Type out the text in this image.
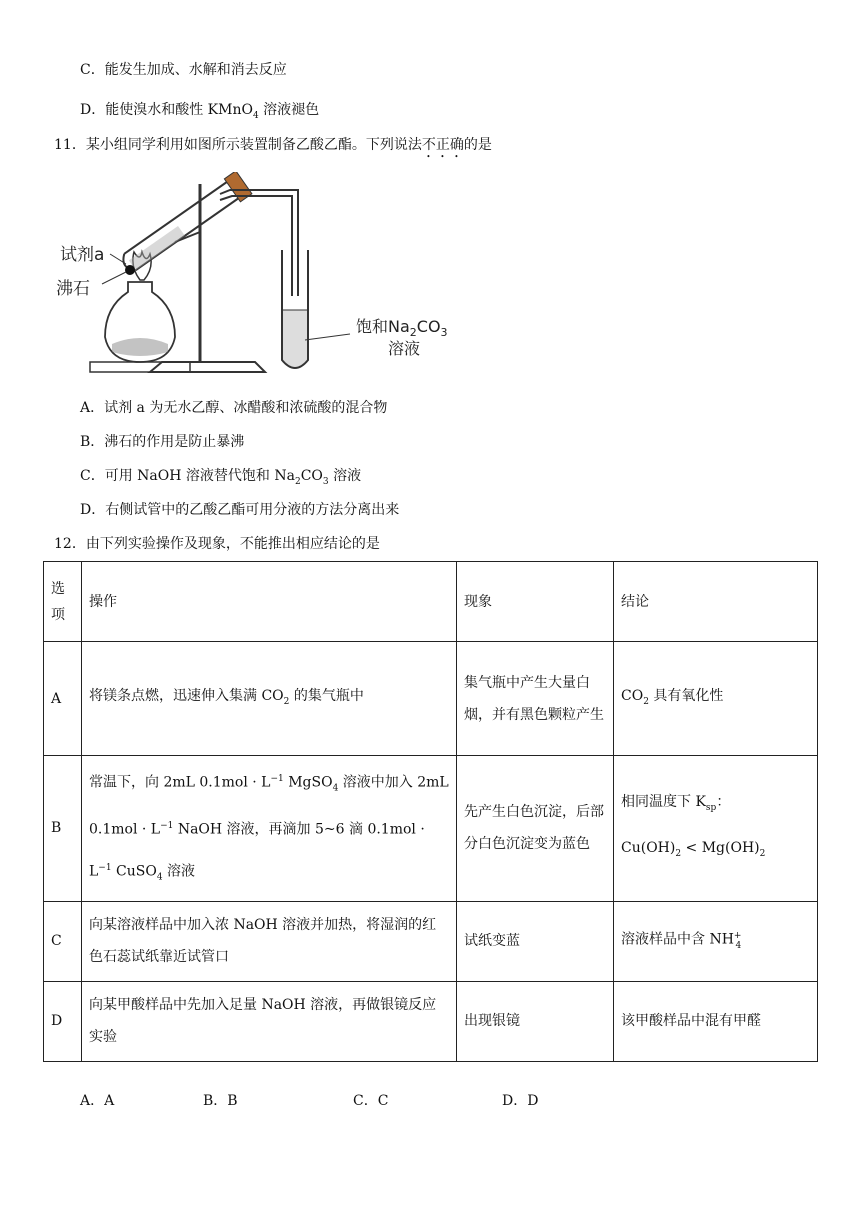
C．能发生加成、水解和消去反应
D．能使溴水和酸性 KMnO$_4$ 溶液褪色
11．某小组同学利用如图所示装置制备乙酸乙酯。下列说法不正确的是
试剂a
沸石
饱和$Na_2CO_3$
溶液
A．试剂 a 为无水乙醇、冰醋酸和浓硫酸的混合物
B．沸石的作用是防止暴沸
C．可用 NaOH 溶液替代饱和 $Na_2CO_3$ 溶液
D．右侧试管中的乙酸乙酯可用分液的方法分离出来
12．由下列实验操作及现象，不能推出相应结论的是
选项	操作	现象	结论
A	将镁条点燃，迅速伸入集满 $CO_2$ 的集气瓶中	集气瓶中产生大量白烟，并有黑色颗粒产生	$CO_2$ 具有氧化性
B	常温下，向 2mL $0.1mol \cdot L^{-1}$ MgSO$_4$ 溶液中加入 2mL $0.1mol \cdot L^{-1}$ NaOH 溶液，再滴加 5~6 滴 $0.1mol \cdot L^{-1}$ CuSO$_4$ 溶液	先产生白色沉淀，后部分白色沉淀变为蓝色	相同温度下 $K_{sp}$：
$Cu(OH)_2 < Mg(OH)_2$
C	向某溶液样品中加入浓 NaOH 溶液并加热，将湿润的红色石蕊试纸靠近试管口	试纸变蓝	溶液样品中含 $NH^+_4$
D	向某甲酸样品中先加入足量 NaOH 溶液，再做银镜反应实验	出现银镜	该甲酸样品中混有甲醛
A．A	B．B	C．C	D．D
